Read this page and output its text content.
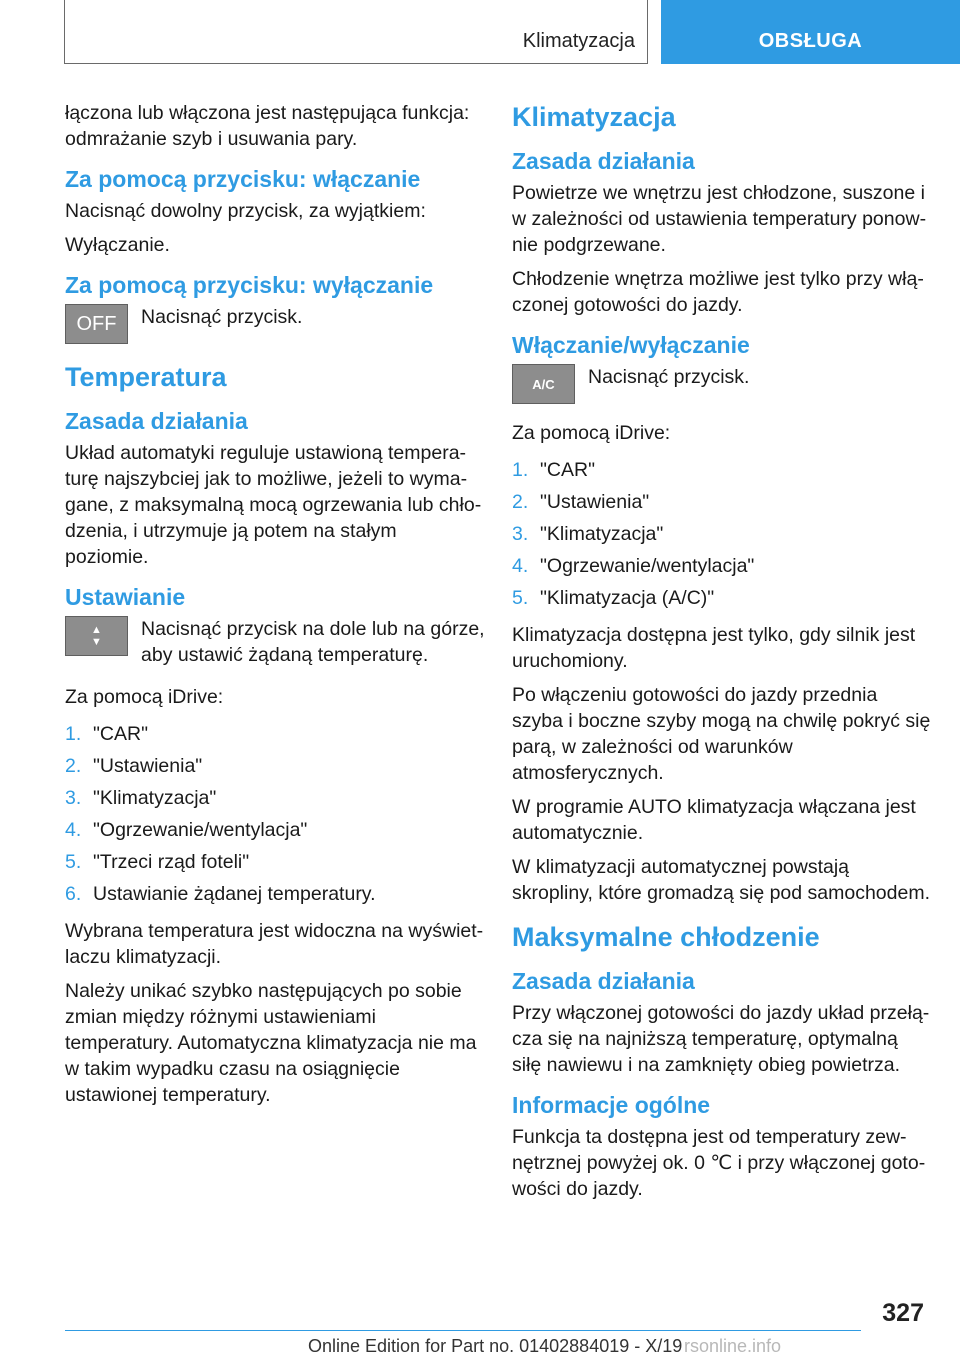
Klimatyzacja	OBSŁUGA

łączona lub włączona jest następująca funkcja: odmrażanie szyb i usuwania pary.

Za pomocą przycisku: włączanie

Nacisnąć dowolny przycisk, za wyjątkiem:

Wyłączanie.

Za pomocą przycisku: wyłączanie
OFF Nacisnąć przycisk.

Temperatura
Zasada działania

Układ automatyki reguluje ustawioną temperaturę najszybciej jak to możliwe, jeżeli to wymagane, z maksymalną mocą ogrzewania lub chłodzenia, i utrzymuje ją potem na stałym poziomie.

Ustawianie
▲
▼

Nacisnąć przycisk na dole lub na górze, aby ustawić żądaną temperaturę.

Za pomocą iDrive:

1. "CAR"
2. "Ustawienia"
3. "Klimatyzacja"
4. "Ogrzewanie/wentylacja"
5. "Trzeci rząd foteli"
6. Ustawianie żądanej temperatury.

Wybrana temperatura jest widoczna na wyświetlaczu klimatyzacji.

Należy unikać szybko następujących po sobie zmian między różnymi ustawieniami temperatury. Automatyczna klimatyzacja nie ma w takim wypadku czasu na osiągnięcie ustawionej temperatury.

Klimatyzacja
Zasada działania

Powietrze we wnętrzu jest chłodzone, suszone i w zależności od ustawienia temperatury ponownie podgrzewane.

Chłodzenie wnętrza możliwe jest tylko przy włączonej gotowości do jazdy.

Włączanie/wyłączanie
A/C Nacisnąć przycisk.

Za pomocą iDrive:

1. "CAR"
2. "Ustawienia"
3. "Klimatyzacja"
4. "Ogrzewanie/wentylacja"
5. "Klimatyzacja (A/C)"

Klimatyzacja dostępna jest tylko, gdy silnik jest uruchomiony.

Po włączeniu gotowości do jazdy przednia szyba i boczne szyby mogą na chwilę pokryć się parą, w zależności od warunków atmosferycznych.

W programie AUTO klimatyzacja włączana jest automatycznie.

W klimatyzacji automatycznej powstają skropliny, które gromadzą się pod samochodem.

Maksymalne chłodzenie
Zasada działania

Przy włączonej gotowości do jazdy układ przełącza się na najniższą temperaturę, optymalną siłę nawiewu i na zamknięty obieg powietrza.

Informacje ogólne

Funkcja ta dostępna jest od temperatury zewnętrznej powyżej ok. 0 ℃ i przy włączonej gotowości do jazdy.

327
Online Edition for Part no. 01402884019 - X/19 rsonline.info
